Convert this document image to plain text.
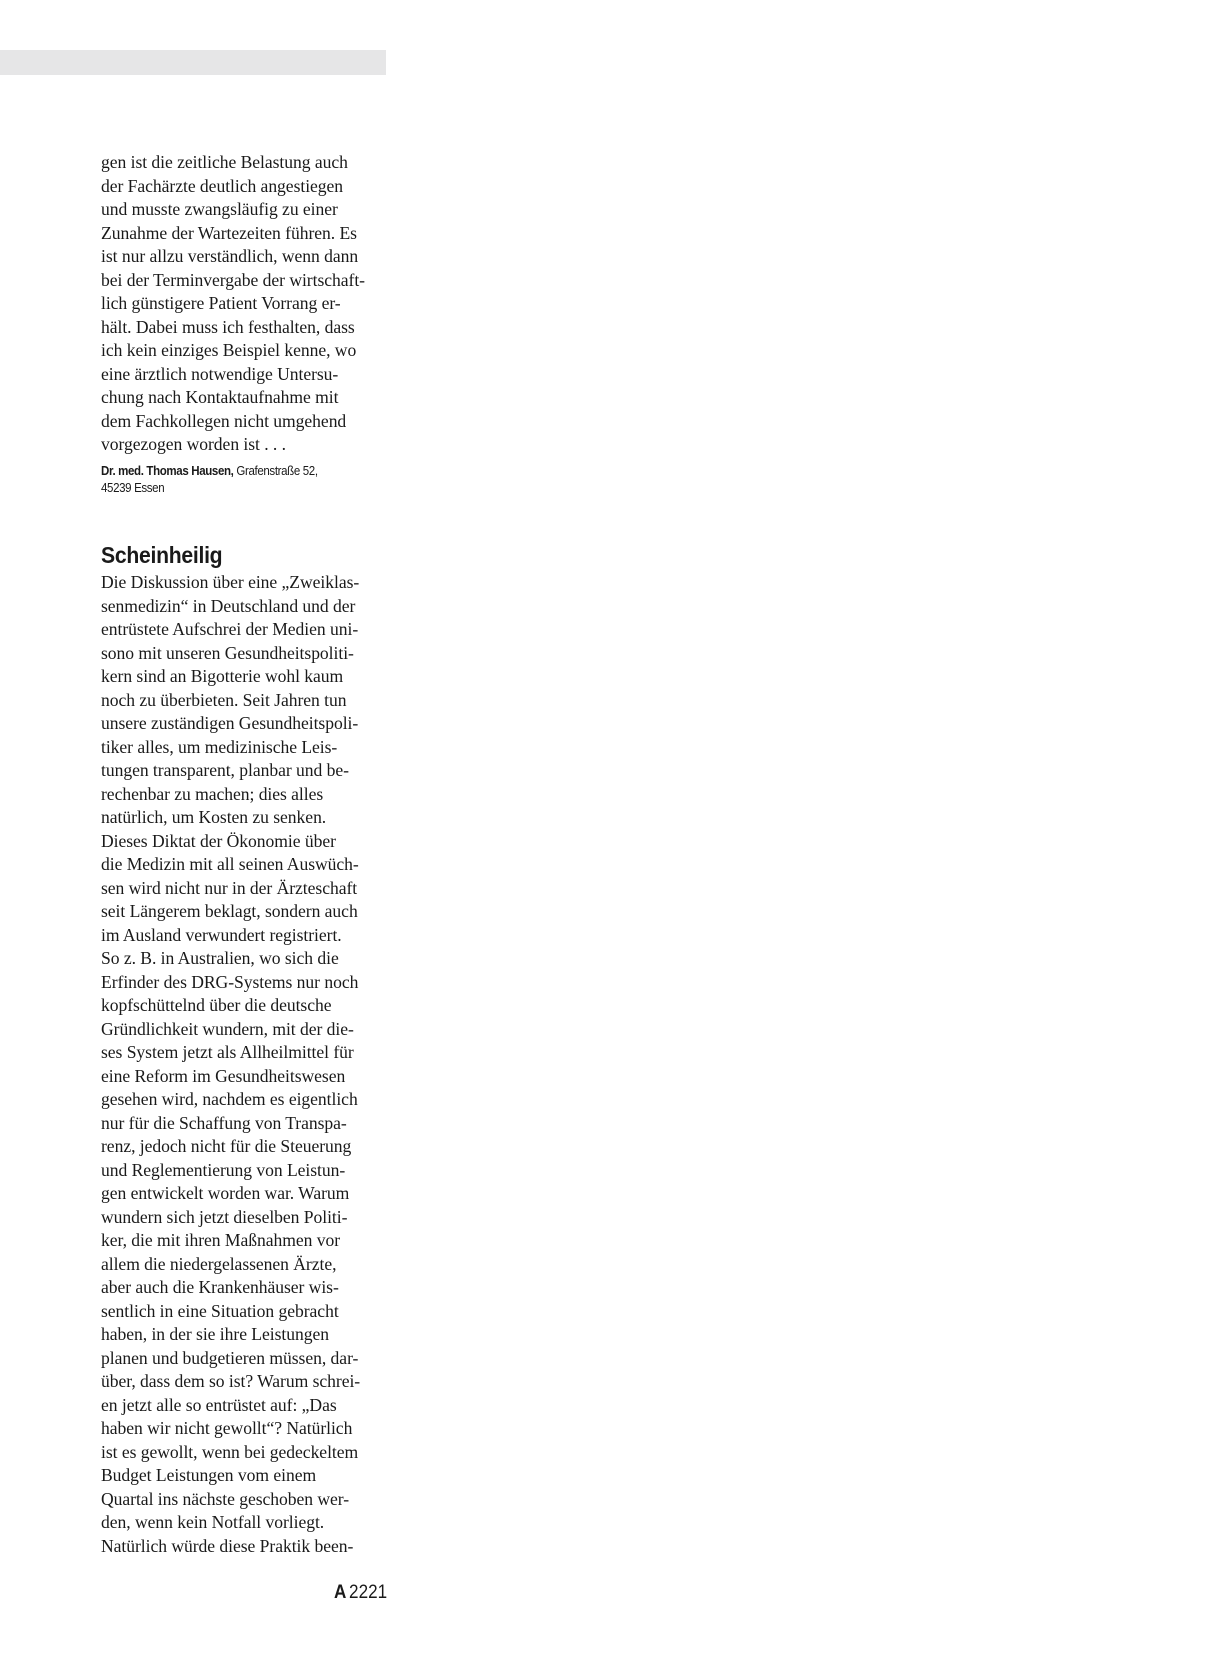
gen ist die zeitliche Belastung auch
der Fachärzte deutlich angestiegen
und musste zwangsläufig zu einer
Zunahme der Wartezeiten führen. Es
ist nur allzu verständlich, wenn dann
bei der Terminvergabe der wirtschaft-
lich günstigere Patient Vorrang er-
hält. Dabei muss ich festhalten, dass
ich kein einziges Beispiel kenne, wo
eine ärztlich notwendige Untersu-
chung nach Kontaktaufnahme mit
dem Fachkollegen nicht umgehend
vorgezogen worden ist . . .

Dr. med. Thomas Hausen, Grafenstraße 52,
45239 Essen
Scheinheilig

Die Diskussion über eine „Zweiklas-
senmedizin“ in Deutschland und der
entrüstete Aufschrei der Medien uni-
sono mit unseren Gesundheitspoliti-
kern sind an Bigotterie wohl kaum
noch zu überbieten. Seit Jahren tun
unsere zuständigen Gesundheitspoli-
tiker alles, um medizinische Leis-
tungen transparent, planbar und be-
rechenbar zu machen; dies alles
natürlich, um Kosten zu senken.
Dieses Diktat der Ökonomie über
die Medizin mit all seinen Auswüch-
sen wird nicht nur in der Ärzteschaft
seit Längerem beklagt, sondern auch
im Ausland verwundert registriert.
So z. B. in Australien, wo sich die
Erfinder des DRG-Systems nur noch
kopfschüttelnd über die deutsche
Gründlichkeit wundern, mit der die-
ses System jetzt als Allheilmittel für
eine Reform im Gesundheitswesen
gesehen wird, nachdem es eigentlich
nur für die Schaffung von Transpa-
renz, jedoch nicht für die Steuerung
und Reglementierung von Leistun-
gen entwickelt worden war. Warum
wundern sich jetzt dieselben Politi-
ker, die mit ihren Maßnahmen vor
allem die niedergelassenen Ärzte,
aber auch die Krankenhäuser wis-
sentlich in eine Situation gebracht
haben, in der sie ihre Leistungen
planen und budgetieren müssen, dar-
über, dass dem so ist? Warum schrei-
en jetzt alle so entrüstet auf: „Das
haben wir nicht gewollt“? Natürlich
ist es gewollt, wenn bei gedeckeltem
Budget Leistungen vom einem
Quartal ins nächste geschoben wer-
den, wenn kein Notfall vorliegt.
Natürlich würde diese Praktik been-

A 2221
